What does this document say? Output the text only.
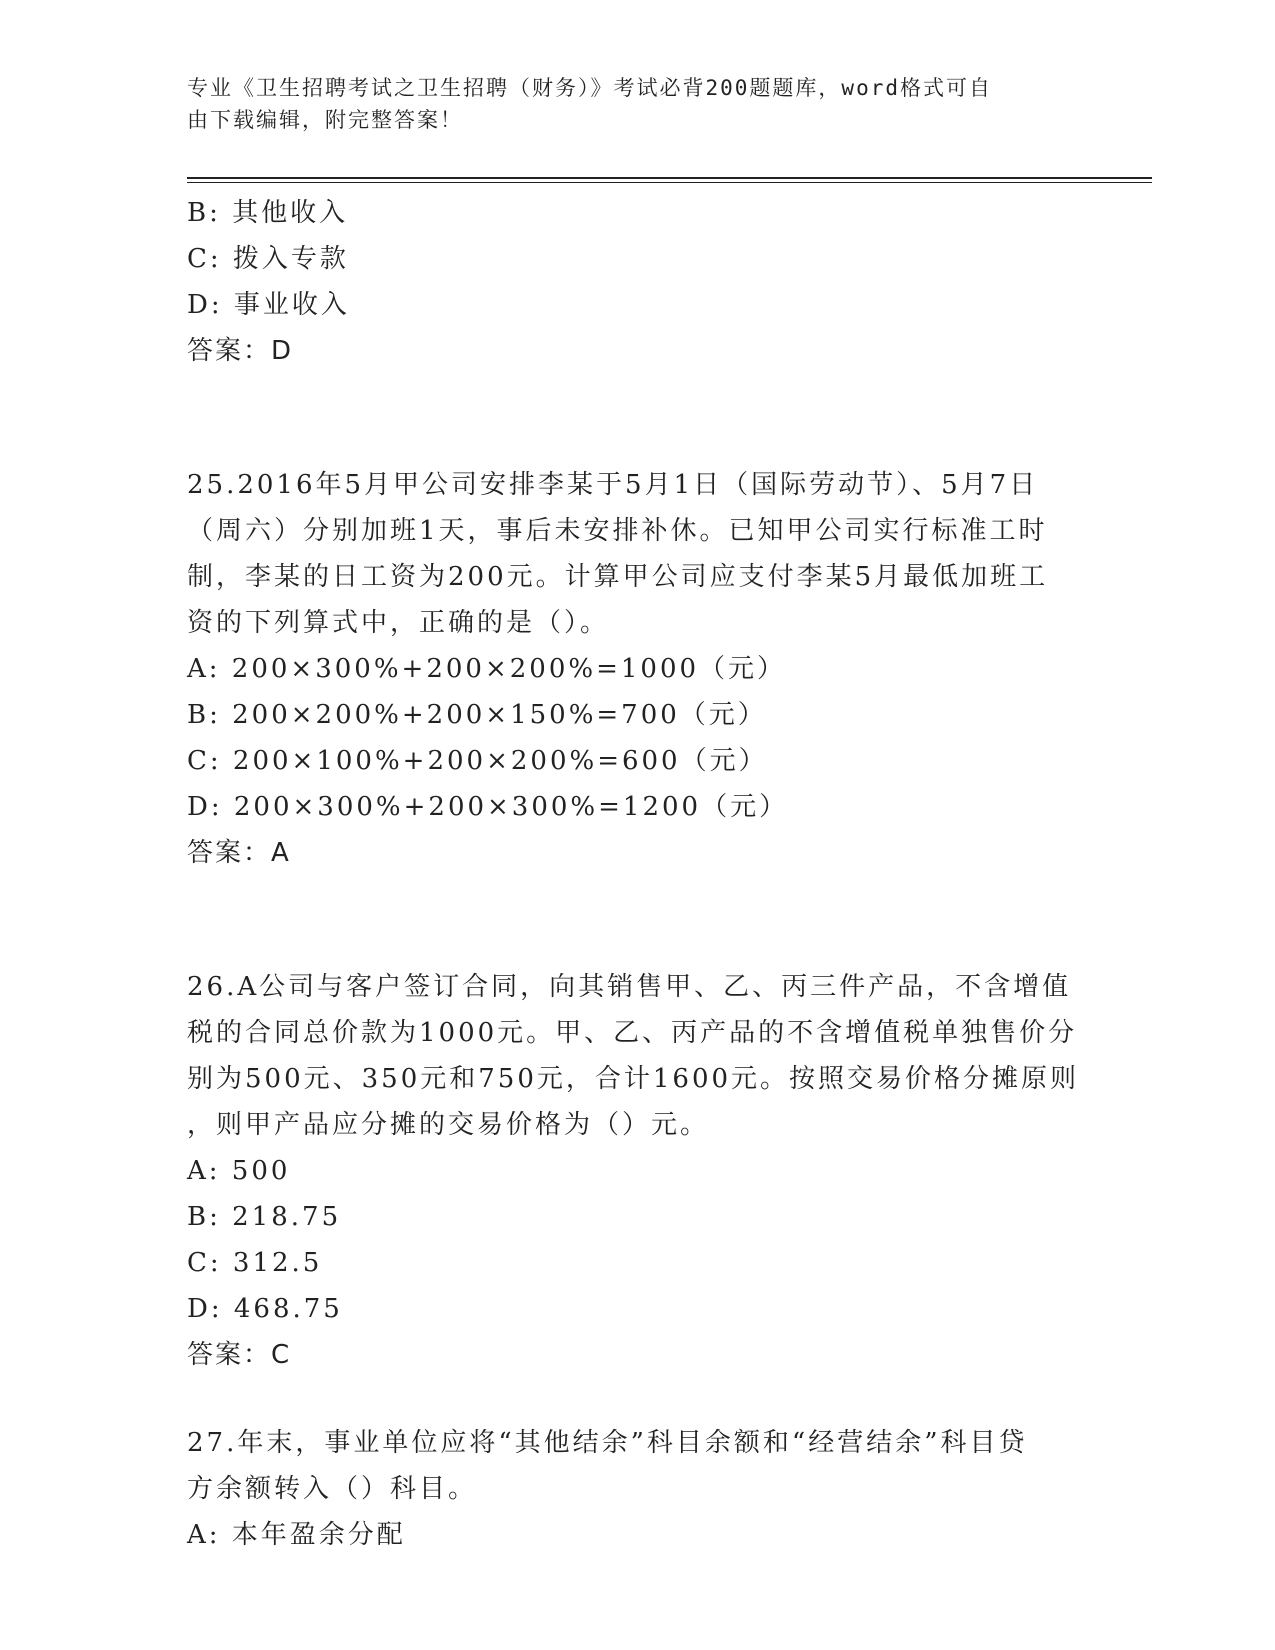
专业《卫生招聘考试之卫生招聘（财务）》考试必背200题题库，word格式可自
由下载编辑，附完整答案！
B: 其他收入
C: 拨入专款
D: 事业收入
答案：D
25.2016年5月甲公司安排李某于5月1日（国际劳动节）、5月7日
（周六）分别加班1天，事后未安排补休。已知甲公司实行标准工时
制，李某的日工资为200元。计算甲公司应支付李某5月最低加班工
资的下列算式中，正确的是（）。
A: 200×300%+200×200%=1000（元）
B: 200×200%+200×150%=700（元）
C: 200×100%+200×200%=600（元）
D: 200×300%+200×300%=1200（元）
答案：A
26.A公司与客户签订合同，向其销售甲、乙、丙三件产品，不含增值
税的合同总价款为1000元。甲、乙、丙产品的不含增值税单独售价分
别为500元、350元和750元，合计1600元。按照交易价格分摊原则
，则甲产品应分摊的交易价格为（）元。
A: 500
B: 218.75
C: 312.5
D: 468.75
答案：C
27.年末，事业单位应将“其他结余”科目余额和“经营结余”科目贷
方余额转入（）科目。
A: 本年盈余分配
